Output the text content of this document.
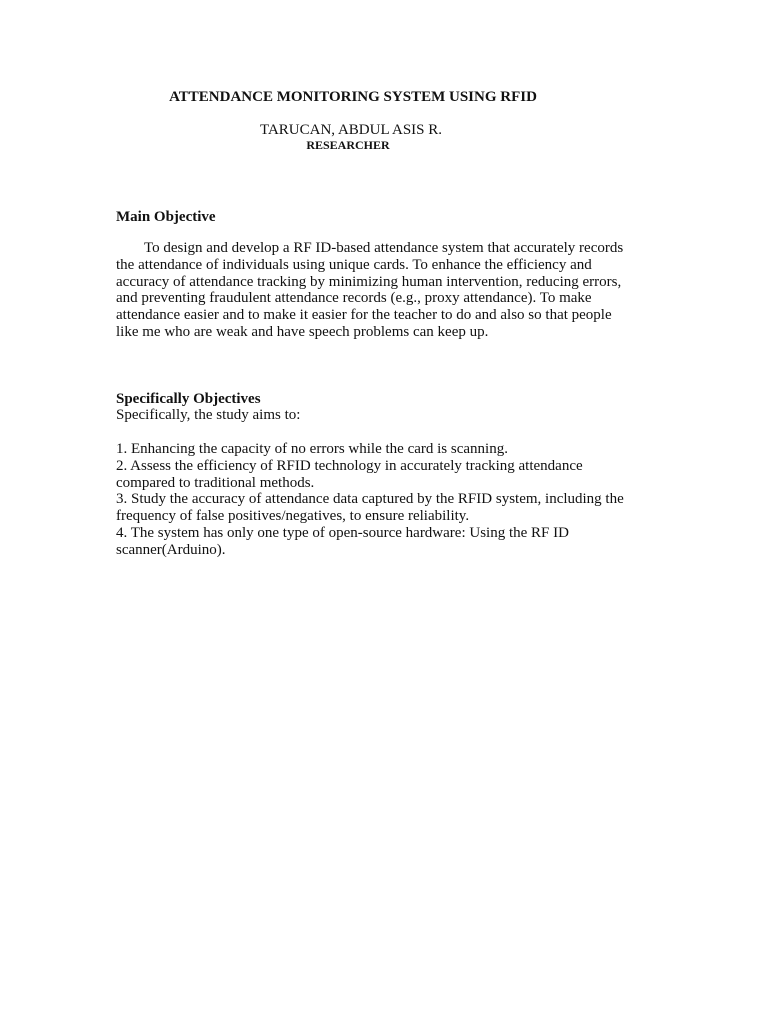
ATTENDANCE MONITORING SYSTEM USING RFID
TARUCAN, ABDUL ASIS R.
RESEARCHER
Main Objective
To design and develop a RF ID-based attendance system that accurately records
the attendance of individuals using unique cards. To enhance the efficiency and
accuracy of attendance tracking by minimizing human intervention, reducing errors,
and preventing fraudulent attendance records (e.g., proxy attendance). To make
attendance easier and to make it easier for the teacher to do and also so that people
like me who are weak and have speech problems can keep up.
Specifically Objectives
Specifically, the study aims to:
1. Enhancing the capacity of no errors while the card is scanning.
2. Assess the efficiency of RFID technology in accurately tracking attendance
compared to traditional methods.
3. Study the accuracy of attendance data captured by the RFID system, including the
frequency of false positives/negatives, to ensure reliability.
4. The system has only one type of open-source hardware: Using the RF ID
scanner(Arduino).
